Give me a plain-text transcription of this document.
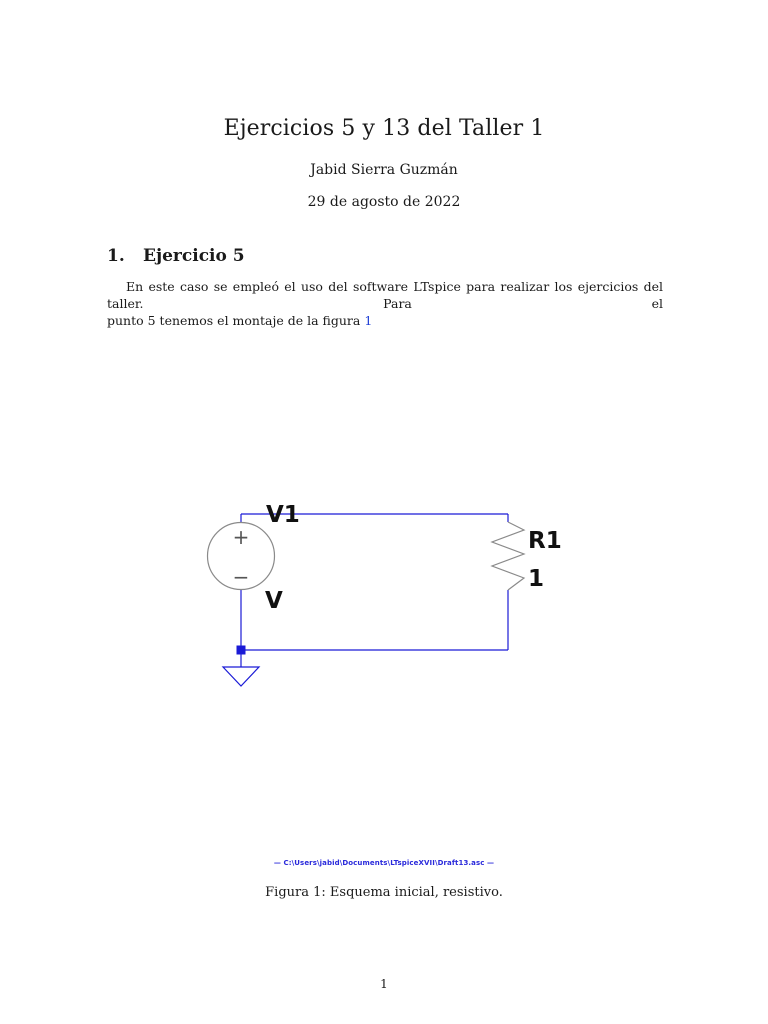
Ejercicios 5 y 13 del Taller 1
Jabid Sierra Guzmán
29 de agosto de 2022
1. Ejercicio 5

En este caso se empleó el uso del software LTspice para realizar los ejercicios del taller. Para el
punto 5 tenemos el montaje de la figura 1

+
−
V1
V
R1
1
— C:\Users\jabid\Documents\LTspiceXVII\Draft13.asc —
Figura 1: Esquema inicial, resistivo.
1
